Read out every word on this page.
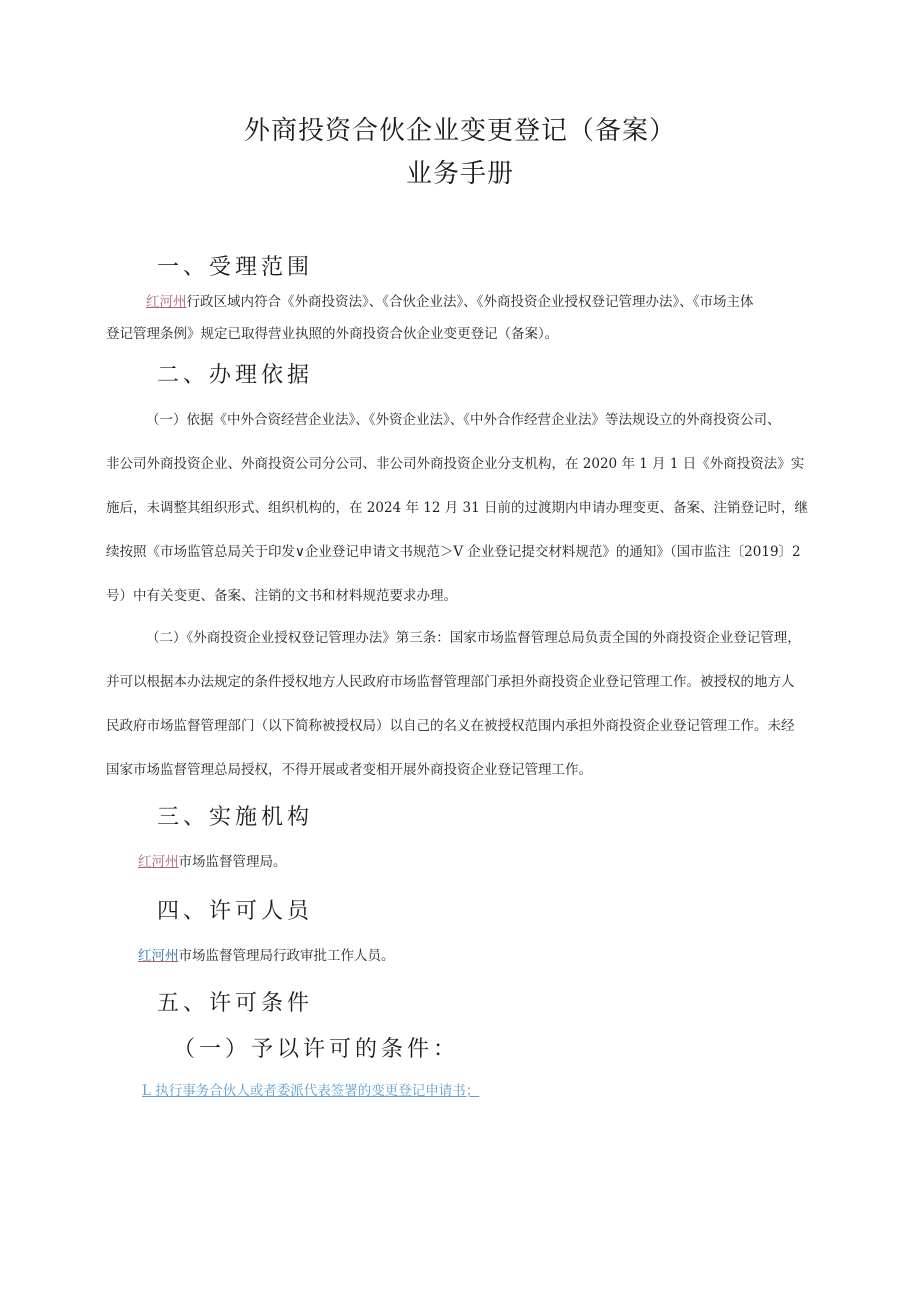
外商投资合伙企业变更登记（备案）
业务手册
一、受理范围
红河州行政区域内符合《外商投资法》、《合伙企业法》、《外商投资企业授权登记管理办法》、《市场主体
登记管理条例》规定已取得营业执照的外商投资合伙企业变更登记（备案）。
二、办理依据
（一）依据《中外合资经营企业法》、《外资企业法》、《中外合作经营企业法》等法规设立的外商投资公司、
非公司外商投资企业、外商投资公司分公司、非公司外商投资企业分支机构，在 2020 年 1 月 1 日《外商投资法》实
施后，未调整其组织形式、组织机构的，在 2024 年 12 月 31 日前的过渡期内申请办理变更、备案、注销登记时，继
续按照《市场监管总局关于印发∨企业登记申请文书规范＞V 企业登记提交材料规范》的通知》（国市监注〔2019〕2
号）中有关变更、备案、注销的文书和材料规范要求办理。
（二）《外商投资企业授权登记管理办法》第三条：国家市场监督管理总局负责全国的外商投资企业登记管理，
并可以根据本办法规定的条件授权地方人民政府市场监督管理部门承担外商投资企业登记管理工作。被授权的地方人
民政府市场监督管理部门（以下简称被授权局）以自己的名义在被授权范围内承担外商投资企业登记管理工作。未经
国家市场监督管理总局授权，不得开展或者变相开展外商投资企业登记管理工作。
三、实施机构
红河州市场监督管理局。
四、许可人员
红河州市场监督管理局行政审批工作人员。
五、许可条件
（一）予以许可的条件：
L 执行事务合伙人或者委派代表签署的变更登记申请书；
